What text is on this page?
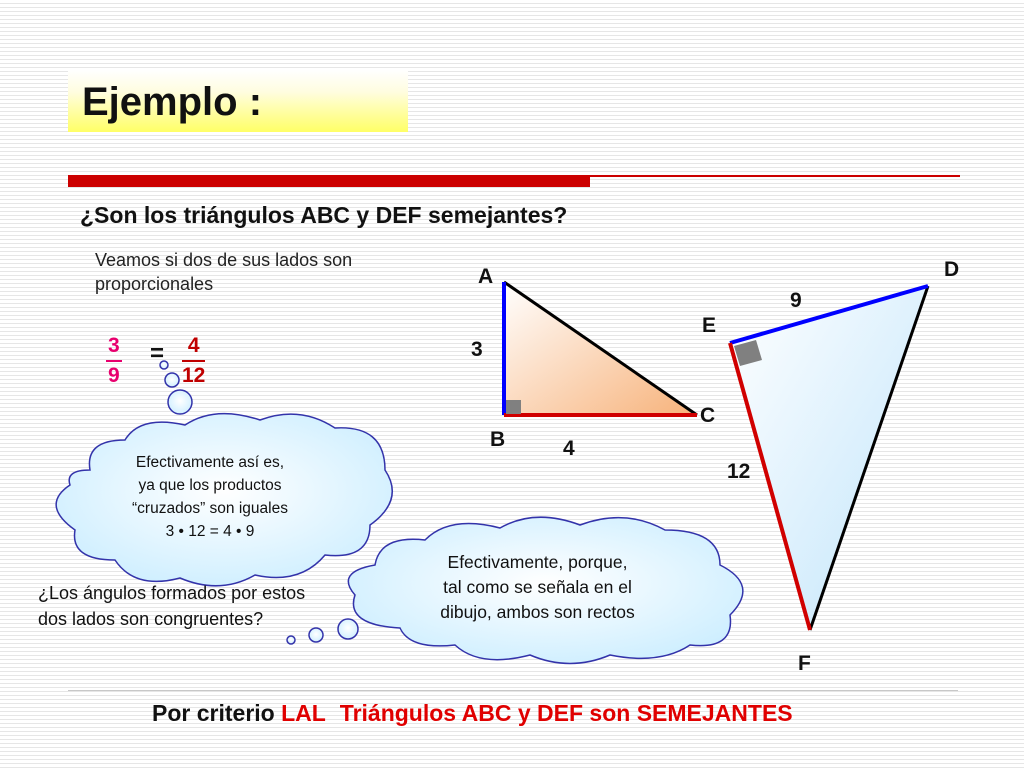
Ejemplo :
¿Son los triángulos ABC y DEF semejantes?
Veamos si dos de sus lados son proporcionales
$\frac{3}{9} = \frac{4}{12}$
Efectivamente así es,
ya que los productos
“cruzados” son iguales
3 • 12 = 4 • 9
¿Los ángulos formados por estos dos lados son congruentes?
Efectivamente, porque,
tal como se señala en el
dibujo, ambos son rectos
A
B
C
3
4
D
E
F
9
12
Por criterio LAL Triángulos ABC y DEF son SEMEJANTES
